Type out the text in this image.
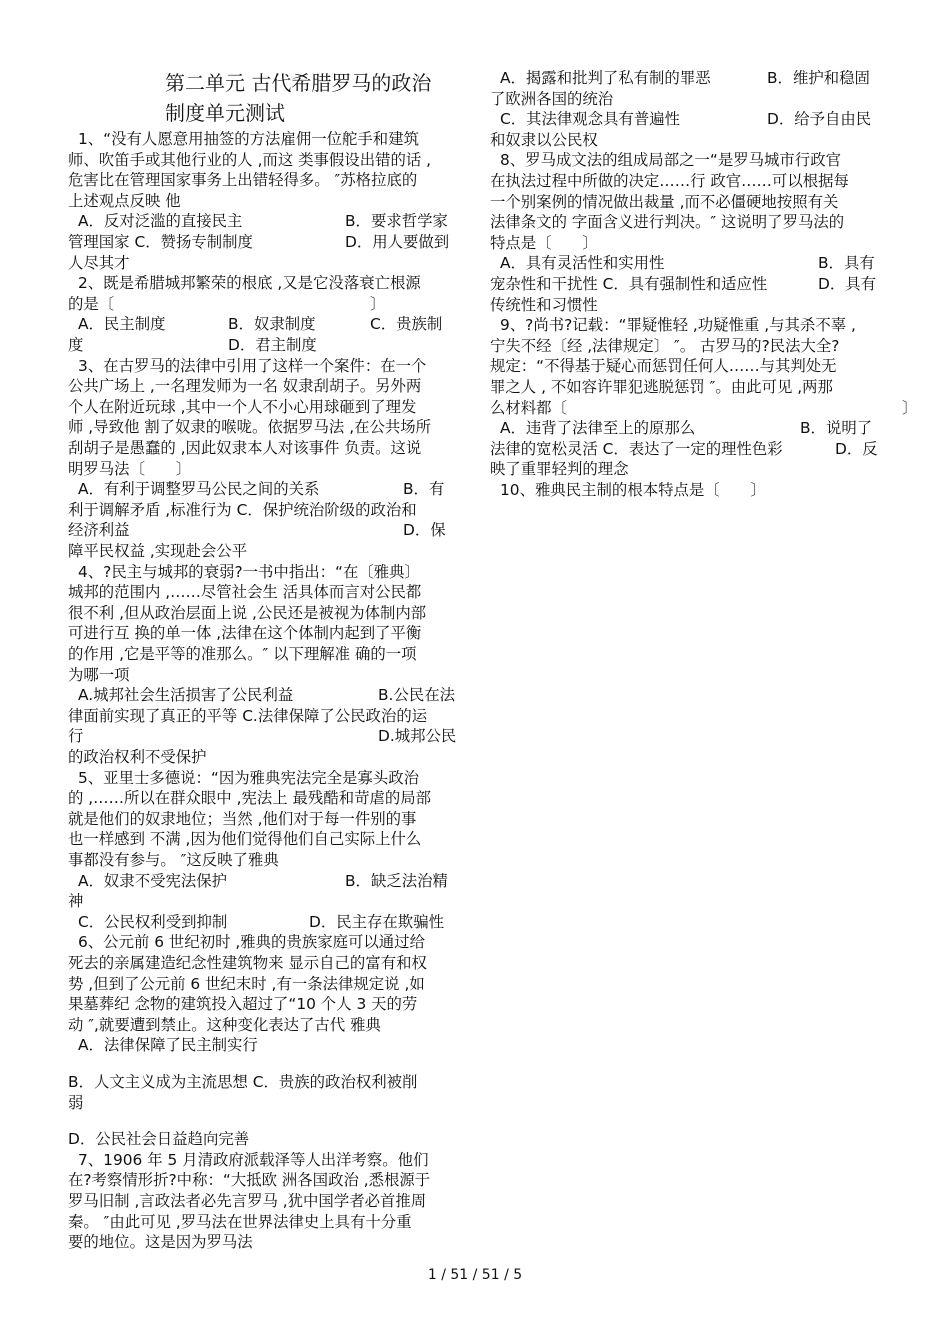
第二单元 古代希腊罗马的政治
制度单元测试
1、“没有人愿意用抽签的方法雇佣一位舵手和建筑
师、吹笛手或其他行业的人 ,而这 类事假设出错的话 ,
危害比在管理国家事务上出错轻得多。 ″苏格拉底的
上述观点反映 他
A．反对泛滥的直接民主	B．要求哲学家
管理国家 C．赞扬专制制度	D．用人要做到
人尽其才
2、既是希腊城邦繁荣的根底 ,又是它没落衰亡根源
的是〔	〕
A．民主制度	B．奴隶制度	C．贵族制
度	D．君主制度
3、在古罗马的法律中引用了这样一个案件：在一个
公共广场上 ,一名理发师为一名 奴隶刮胡子。另外两
个人在附近玩球 ,其中一个人不小心用球砸到了理发
师 ,导致他 割了奴隶的喉咙。依据罗马法 ,在公共场所
刮胡子是愚蠢的 ,因此奴隶本人对该事件 负责。这说
明罗马法〔　　〕
A．有利于调整罗马公民之间的关系	B．有
利于调解矛盾 ,标准行为 C．保护统治阶级的政治和
经济利益	D．保
障平民权益 ,实现赴会公平
4、?民主与城邦的衰弱?一书中指出：“在〔雅典〕
城邦的范围内 ,……尽管社会生 活具体而言对公民都
很不利 ,但从政治层面上说 ,公民还是被视为体制内部
可进行互 换的单一体 ,法律在这个体制内起到了平衡
的作用 ,它是平等的准那么。″ 以下理解准 确的一项
为哪一项
A.城邦社会生活损害了公民利益	B.公民在法
律面前实现了真正的平等 C.法律保障了公民政治的运
行	D.城邦公民
的政治权利不受保护
5、亚里士多德说：“因为雅典宪法完全是寡头政治
的 ,……所以在群众眼中 ,宪法上 最残酷和苛虐的局部
就是他们的奴隶地位；当然 ,他们对于每一件别的事
也一样感到 不满 ,因为他们觉得他们自己实际上什么
事都没有参与。 ″这反映了雅典
A．奴隶不受宪法保护	B．缺乏法治精
神
C．公民权利受到抑制	D．民主存在欺骗性
6、公元前 6 世纪初时 ,雅典的贵族家庭可以通过给
死去的亲属建造纪念性建筑物来 显示自己的富有和权
势 ,但到了公元前 6 世纪末时 ,有一条法律规定说 ,如
果墓葬纪 念物的建筑投入超过了“10 个人 3 天的劳
动 ″,就要遭到禁止。这种变化表达了古代 雅典
A．法律保障了民主制实行
B．人文主义成为主流思想 C．贵族的政治权利被削
弱
D．公民社会日益趋向完善
7、1906 年 5 月清政府派载泽等人出洋考察。他们
在?考察情形折?中称：“大抵欧 洲各国政治 ,悉根源于
罗马旧制 ,言政法者必先言罗马 ,犹中国学者必首推周
秦。 ″由此可见 ,罗马法在世界法律史上具有十分重
要的地位。这是因为罗马法
A．揭露和批判了私有制的罪恶	B．维护和稳固
了欧洲各国的统治
C．其法律观念具有普遍性	D．给予自由民
和奴隶以公民权
8、罗马成文法的组成局部之一“是罗马城市行政官
在执法过程中所做的决定……行 政官……可以根据每
一个别案例的情况做出裁量 ,而不必僵硬地按照有关
法律条文的 字面含义进行判决。″ 这说明了罗马法的
特点是〔　　〕
A．具有灵活性和实用性	B．具有
宠杂性和干扰性 C．具有强制性和适应性	D．具有
传统性和习惯性
9、?尚书?记载：“罪疑惟轻 ,功疑惟重 ,与其杀不辜 ,
宁失不经〔经 ,法律规定〕 ″。 古罗马的?民法大全?
规定：“不得基于疑心而惩罚任何人……与其判处无
罪之人 , 不如容许罪犯逃脱惩罚 ″。由此可见 ,两那
么材料都〔	〕
A．违背了法律至上的原那么	B．说明了
法律的宽松灵活 C．表达了一定的理性色彩	D．反
映了重罪轻判的理念
10、雅典民主制的根本特点是〔　　〕
1 / 51 / 51 / 5
